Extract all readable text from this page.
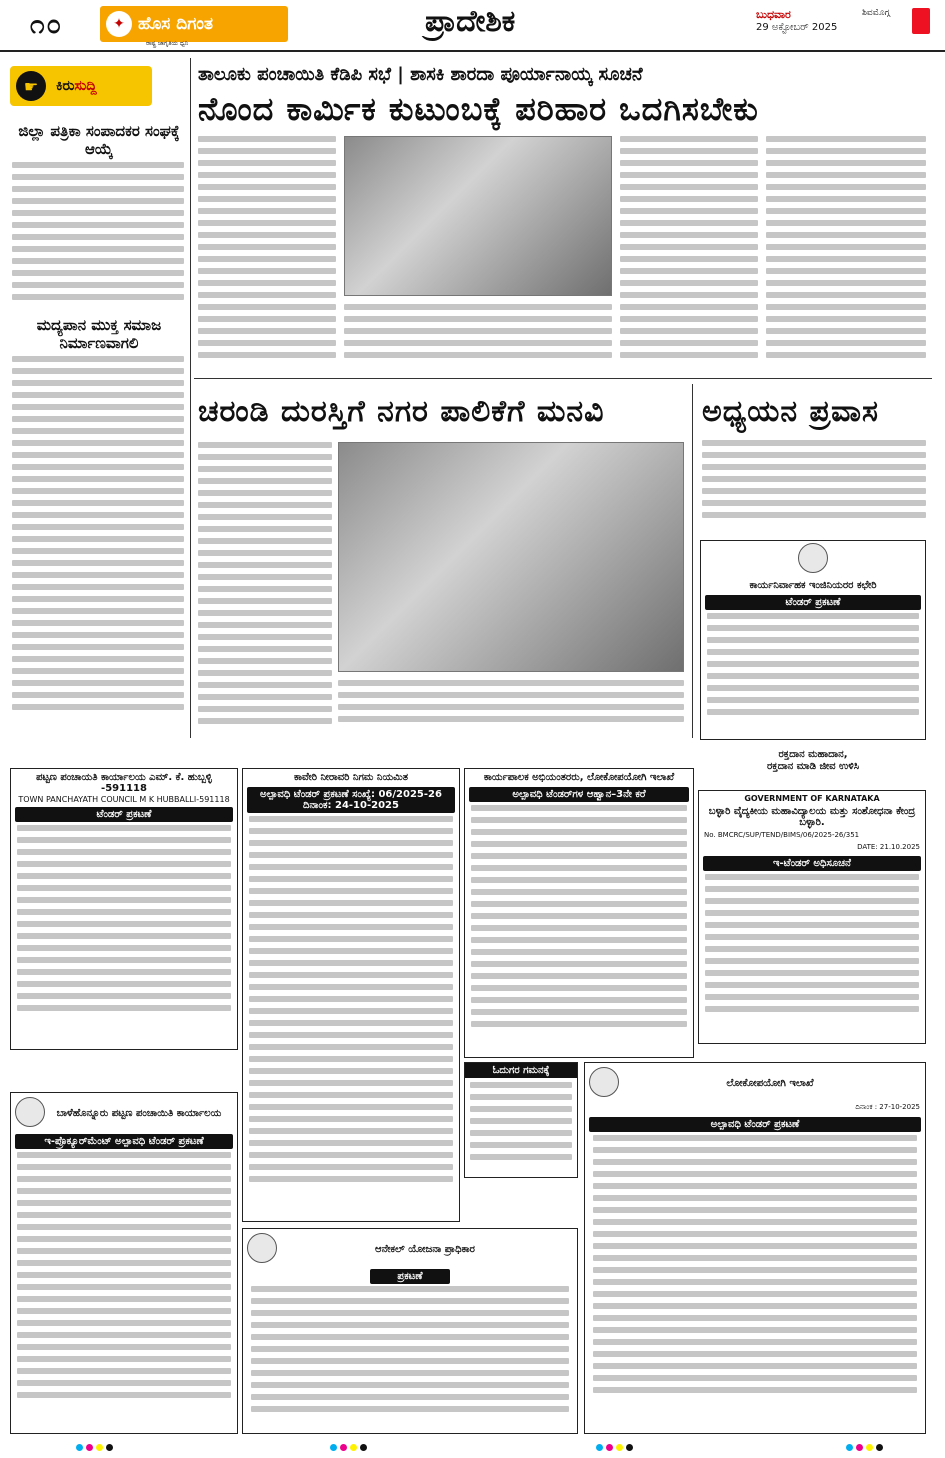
೧೦	✦ ಹೊಸ ದಿಗಂತ
ರಾಷ್ಟ್ರ ಜಾಗೃತಿಯ ಧ್ವನಿ
ಪ್ರಾದೇಶಿಕ	ಬುಧವಾರ
29 ಅಕ್ಟೋಬರ್ 2025
ಶಿವಮೊಗ್ಗ
☛	ಕಿರುಸುದ್ದಿ
ಜಿಲ್ಲಾ ಪತ್ರಿಕಾ ಸಂಪಾದಕರ ಸಂಘಕ್ಕೆ ಆಯ್ಕೆ
ಮದ್ಯಪಾನ ಮುಕ್ತ ಸಮಾಜ ನಿರ್ಮಾಣವಾಗಲಿ
ತಾಲೂಕು ಪಂಚಾಯಿತಿ ಕೆಡಿಪಿ ಸಭೆ | ಶಾಸಕಿ ಶಾರದಾ ಪೂರ್ಯಾನಾಯ್ಕ ಸೂಚನೆ
ನೊಂದ ಕಾರ್ಮಿಕ ಕುಟುಂಬಕ್ಕೆ ಪರಿಹಾರ ಒದಗಿಸಬೇಕು
ಚರಂಡಿ ದುರಸ್ತಿಗೆ ನಗರ ಪಾಲಿಕೆಗೆ ಮನವಿ	ಅಧ್ಯಯನ ಪ್ರವಾಸ
ಕಾರ್ಯನಿರ್ವಾಹಕ ಇಂಜಿನಿಯರರ ಕಛೇರಿ
ಟೆಂಡರ್ ಪ್ರಕಟಣೆ
ರಕ್ತದಾನ ಮಹಾದಾನ,
ರಕ್ತದಾನ ಮಾಡಿ ಜೀವ ಉಳಿಸಿ
ಪಟ್ಟಣ ಪಂಚಾಯತಿ ಕಾರ್ಯಾಲಯ ಎಮ್. ಕೆ. ಹುಬ್ಬಳ್ಳಿ -591118
TOWN PANCHAYATH COUNCIL M K HUBBALLI-591118
ಟೆಂಡರ್ ಪ್ರಕಟಣೆ
ಕಾವೇರಿ ನೀರಾವರಿ ನಿಗಮ ನಿಯಮಿತ
ಅಲ್ಪಾವಧಿ ಟೆಂಡರ್ ಪ್ರಕಟಣೆ ಸಂಖ್ಯೆ: 06/2025-26 ದಿನಾಂಕ: 24-10-2025
ಕಾರ್ಯಪಾಲಕ ಅಭಿಯಂತರರು, ಲೋಕೋಪಯೋಗಿ ಇಲಾಖೆ
ಅಲ್ಪಾವಧಿ ಟೆಂಡರ್‌ಗಳ ಆಹ್ವಾನ–3ನೇ ಕರೆ	GOVERNMENT OF KARNATAKA
ಬಳ್ಳಾರಿ ವೈದ್ಯಕೀಯ ಮಹಾವಿದ್ಯಾಲಯ ಮತ್ತು ಸಂಶೋಧನಾ ಕೇಂದ್ರ ಬಳ್ಳಾರಿ.
No. BMCRC/SUP/TEND/BIMS/06/2025-26/351
DATE: 21.10.2025
ಇ-ಟೆಂಡರ್ ಅಧಿಸೂಚನೆ
ಓದುಗರ ಗಮನಕ್ಕೆ
ಲೋಕೋಪಯೋಗಿ ಇಲಾಖೆ
ದಿನಾಂಕ : 27-10-2025
ಅಲ್ಪಾವಧಿ ಟೆಂಡರ್ ಪ್ರಕಟಣೆ
ಬಾಳೆಹೊನ್ನೂರು ಪಟ್ಟಣ ಪಂಚಾಯಿತಿ ಕಾರ್ಯಾಲಯ
ಇ-ಪ್ರೊಕ್ಯೂರ್‌ಮೆಂಟ್ ಅಲ್ಪಾವಧಿ ಟೆಂಡರ್ ಪ್ರಕಟಣೆ
ಆನೇಕಲ್ ಯೋಜನಾ ಪ್ರಾಧಿಕಾರ
ಪ್ರಕಟಣೆ
